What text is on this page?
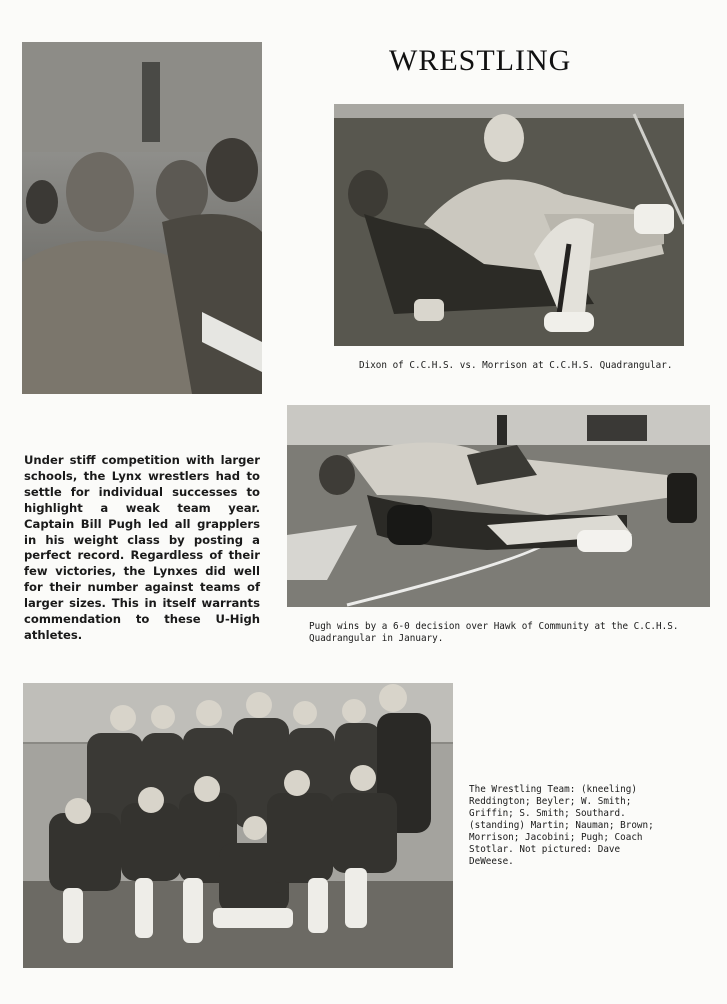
WRESTLING
Dixon of C.C.H.S. vs. Morrison at C.C.H.S. Quadrangular.

Under stiff competition with larger schools, the Lynx wrestlers had to settle for individual successes to highlight a weak team year. Captain Bill Pugh led all grapplers in his weight class by posting a perfect record. Regardless of their few victories, the Lynxes did well for their number against teams of larger sizes. This in itself warrants commendation to these U-High athletes.

Pugh wins by a 6-0 decision over Hawk of Community at the C.C.H.S. Quadrangular in January.
The Wrestling Team: (kneeling) Reddington; Beyler; W. Smith; Griffin; S. Smith; Southard. (standing) Martin; Nauman; Brown; Morrison; Jacobini; Pugh; Coach Stotlar. Not pictured: Dave DeWeese.
